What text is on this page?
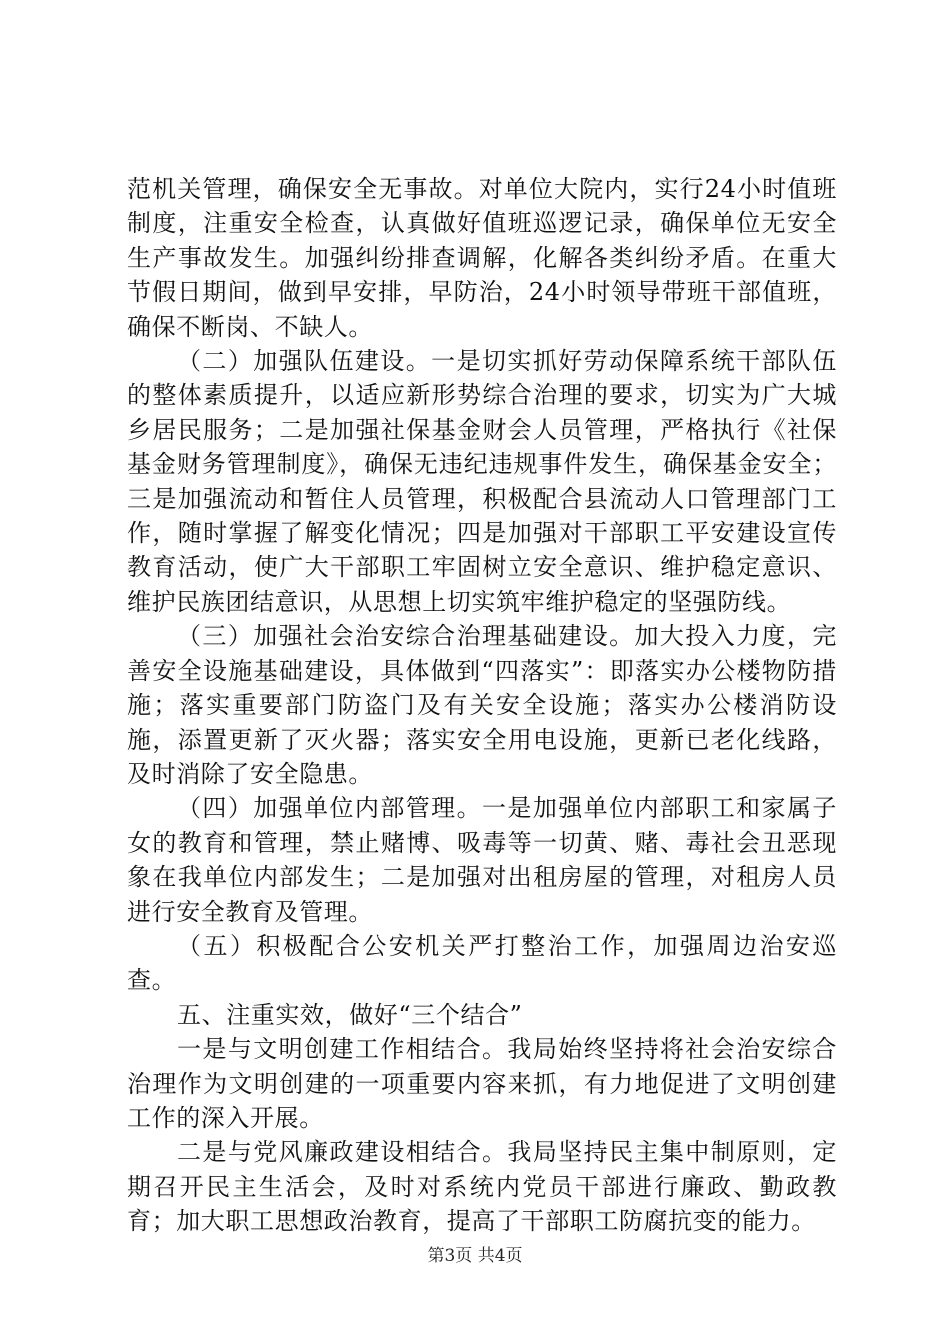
范机关管理，确保安全无事故。对单位大院内，实行24小时值班制度，注重安全检查，认真做好值班巡逻记录，确保单位无安全生产事故发生。加强纠纷排查调解，化解各类纠纷矛盾。在重大节假日期间，做到早安排，早防治，24小时领导带班干部值班，确保不断岗、不缺人。

（二）加强队伍建设。一是切实抓好劳动保障系统干部队伍的整体素质提升，以适应新形势综合治理的要求，切实为广大城乡居民服务；二是加强社保基金财会人员管理，严格执行《社保基金财务管理制度》，确保无违纪违规事件发生，确保基金安全；三是加强流动和暂住人员管理，积极配合县流动人口管理部门工作，随时掌握了解变化情况；四是加强对干部职工平安建设宣传教育活动，使广大干部职工牢固树立安全意识、维护稳定意识、维护民族团结意识，从思想上切实筑牢维护稳定的坚强防线。

（三）加强社会治安综合治理基础建设。加大投入力度，完善安全设施基础建设，具体做到“四落实”：即落实办公楼物防措施；落实重要部门防盗门及有关安全设施；落实办公楼消防设施，添置更新了灭火器；落实安全用电设施，更新已老化线路，及时消除了安全隐患。

（四）加强单位内部管理。一是加强单位内部职工和家属子女的教育和管理，禁止赌博、吸毒等一切黄、赌、毒社会丑恶现象在我单位内部发生；二是加强对出租房屋的管理，对租房人员进行安全教育及管理。

（五）积极配合公安机关严打整治工作，加强周边治安巡查。

五、注重实效，做好“三个结合”

一是与文明创建工作相结合。我局始终坚持将社会治安综合治理作为文明创建的一项重要内容来抓，有力地促进了文明创建工作的深入开展。

二是与党风廉政建设相结合。我局坚持民主集中制原则，定期召开民主生活会，及时对系统内党员干部进行廉政、勤政教育；加大职工思想政治教育，提高了干部职工防腐抗变的能力。

第3页 共4页
